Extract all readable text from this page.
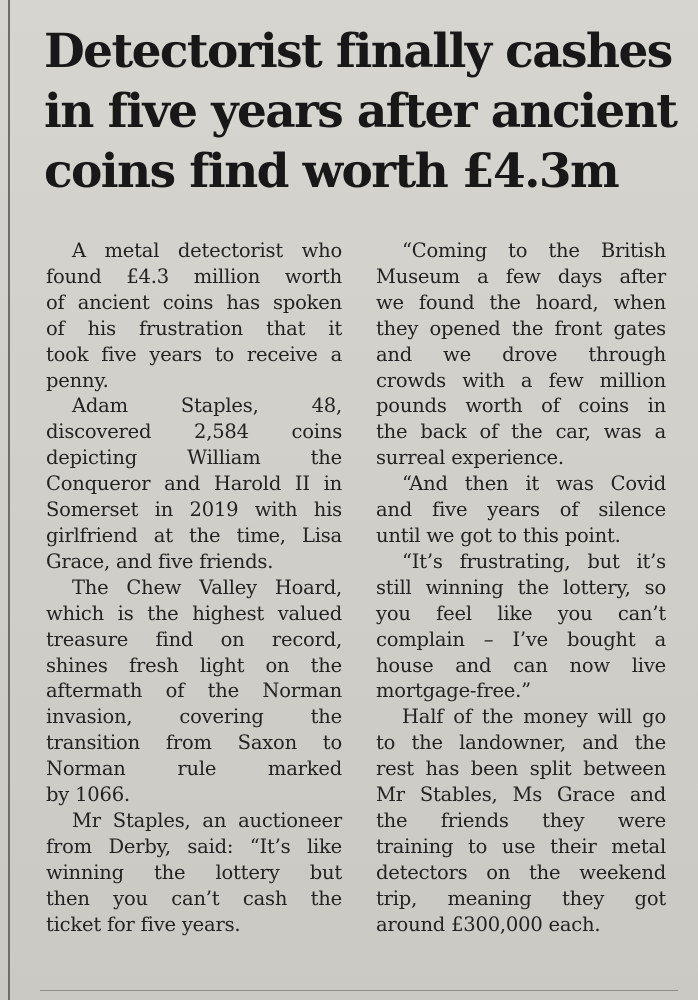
Detectorist finally cashes
in five years after ancient
coins find worth £4.3m
A metal detectorist who
found £4.3 million worth
of ancient coins has spoken
of his frustration that it
took five years to receive a
penny.
Adam Staples, 48,
discovered 2,584 coins
depicting William the
Conqueror and Harold II in
Somerset in 2019 with his
girlfriend at the time, Lisa
Grace, and five friends.
The Chew Valley Hoard,
which is the highest valued
treasure find on record,
shines fresh light on the
aftermath of the Norman
invasion, covering the
transition from Saxon to
Norman rule marked
by 1066.
Mr Staples, an auctioneer
from Derby, said: “It’s like
winning the lottery but
then you can’t cash the
ticket for five years.
“Coming to the British
Museum a few days after
we found the hoard, when
they opened the front gates
and we drove through
crowds with a few million
pounds worth of coins in
the back of the car, was a
surreal experience.
“And then it was Covid
and five years of silence
until we got to this point.
“It’s frustrating, but it’s
still winning the lottery, so
you feel like you can’t
complain – I’ve bought a
house and can now live
mortgage-free.”
Half of the money will go
to the landowner, and the
rest has been split between
Mr Stables, Ms Grace and
the friends they were
training to use their metal
detectors on the weekend
trip, meaning they got
around £300,000 each.
